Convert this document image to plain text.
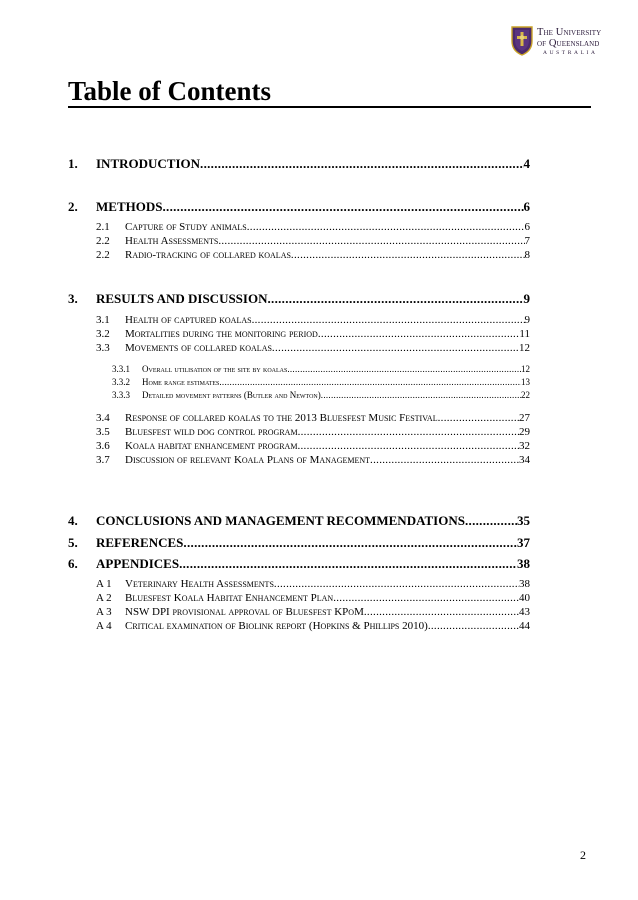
The University
of Queensland
AUSTRALIA
Table of Contents
1.	INTRODUCTION .....	4
2.	METHODS .....	6
2.1	Capture of Study animals .....	6
2.2	Health Assessments .....	7
2.2	Radio-tracking of collared koalas .....	8
3.	RESULTS AND DISCUSSION .....	9
3.1	Health of captured koalas .....	9
3.2	Mortalities during the monitoring period .....	11
3.3	Movements of collared koalas .....	12
3.3.1	Overall utilisation of the site by koalas .....	12
3.3.2	Home range estimates .....	13
3.3.3	Detailed movement patterns (Butler and Newton) .....	22
3.4	Response of collared koalas to the 2013 Bluesfest Music Festival .....	27
3.5	Bluesfest wild dog control program .....	29
3.6	Koala habitat enhancement program .....	32
3.7	Discussion of relevant Koala Plans of Management .....	34
4.	CONCLUSIONS AND MANAGEMENT RECOMMENDATIONS .....	35
5.	REFERENCES .....	37
6.	APPENDICES .....	38
A 1	Veterinary Health Assessments .....	38
A 2	Bluesfest Koala Habitat Enhancement Plan .....	40
A 3	NSW DPI provisional approval of Bluesfest KPoM .....	43
A 4	Critical examination of Biolink report (Hopkins & Phillips 2010) .....	44
2
